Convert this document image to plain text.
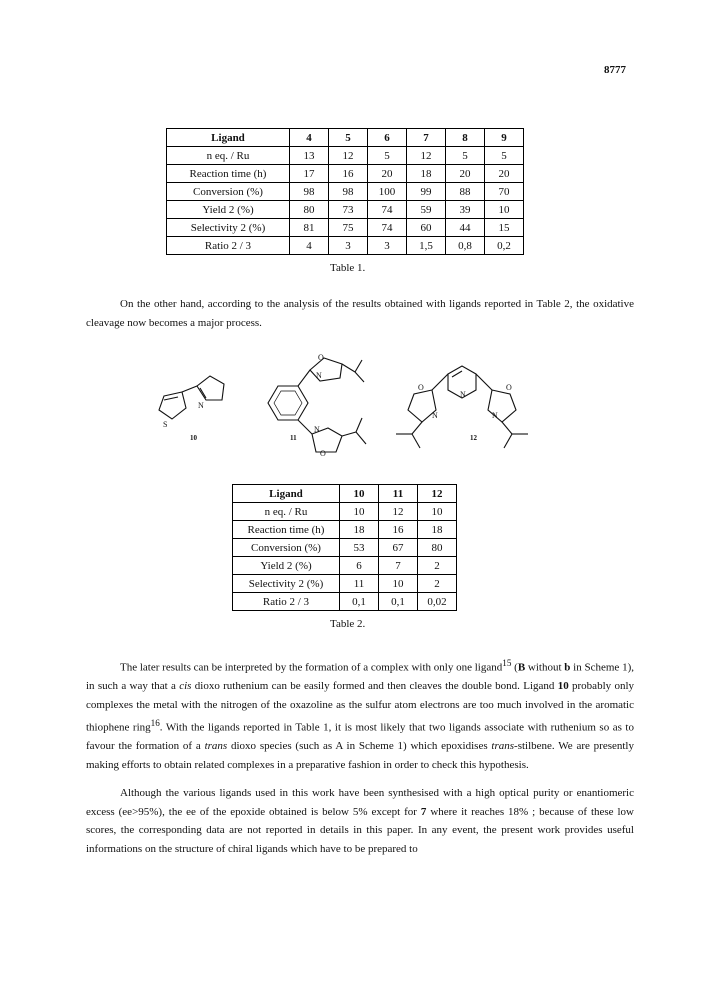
8777
Ligand	4	5	6	7	8	9
n eq. / Ru	13	12	5	12	5	5
Reaction time (h)	17	16	20	18	20	20
Conversion (%)	98	98	100	99	88	70
Yield 2 (%)	80	73	74	59	39	10
Selectivity 2 (%)	81	75	74	60	44	15
Ratio 2 / 3	4	3	3	1,5	0,8	0,2
Table 1.

On the other hand, according to the analysis of the results obtained with ligands reported in Table 2, the oxidative cleavage now becomes a major process.

S
N
N
O
N
O
O
N
N
O
N
10	11	12
Ligand	10	11	12
n eq. / Ru	10	12	10
Reaction time (h)	18	16	18
Conversion (%)	53	67	80
Yield 2 (%)	6	7	2
Selectivity 2 (%)	11	10	2
Ratio 2 / 3	0,1	0,1	0,02
Table 2.

The later results can be interpreted by the formation of a complex with only one ligand$^{15}$ (B without b in Scheme 1), in such a way that a cis dioxo ruthenium can be easily formed and then cleaves the double bond. Ligand 10 probably only complexes the metal with the nitrogen of the oxazoline as the sulfur atom electrons are too much involved in the aromatic thiophene ring$^{16}$. With the ligands reported in Table 1, it is most likely that two ligands associate with ruthenium so as to favour the formation of a trans dioxo species (such as A in Scheme 1) which epoxidises trans-stilbene. We are presently making efforts to obtain related complexes in a preparative fashion in order to check this hypothesis.

Although the various ligands used in this work have been synthesised with a high optical purity or enantiomeric excess (ee>95%), the ee of the epoxide obtained is below 5% except for 7 where it reaches 18% ; because of these low scores, the corresponding data are not reported in details in this paper. In any event, the present work provides useful informations on the structure of chiral ligands which have to be prepared to
